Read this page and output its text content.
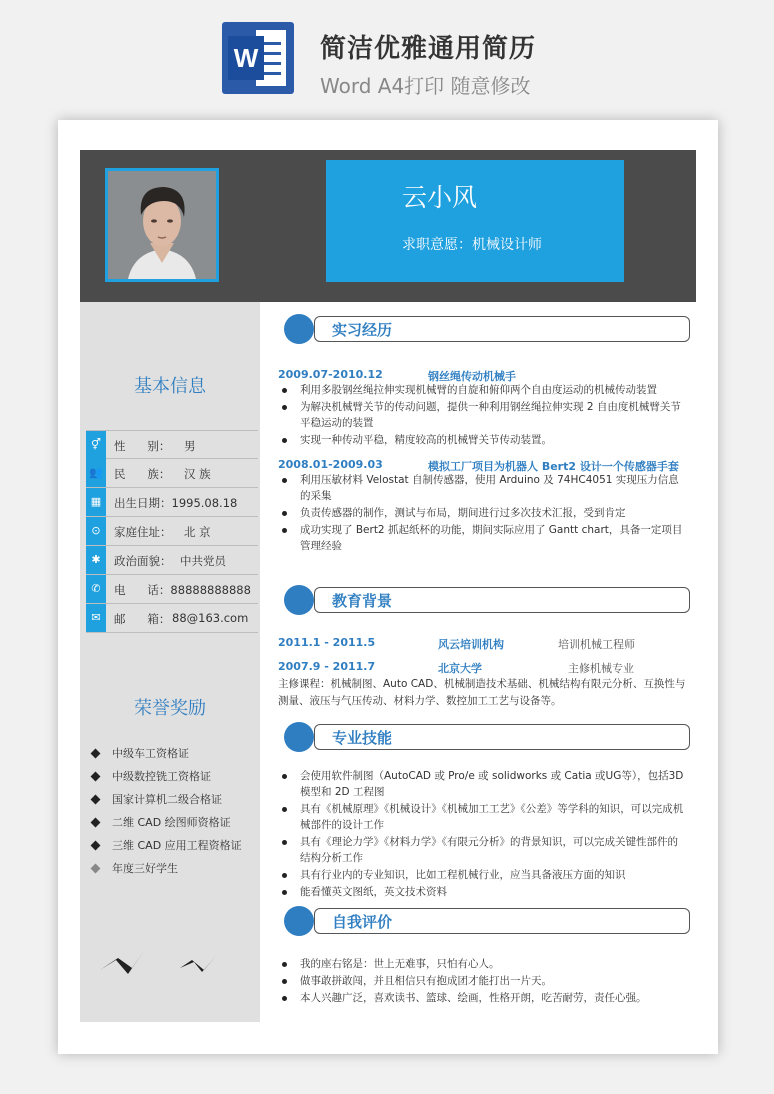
W 简洁优雅通用简历
Word A4打印 随意修改
云小风
求职意愿：机械设计师
基本信息
⚥	性      别： 男
👥 民      族： 汉 族
▦	出生日期：1995.08.18
⊙	家庭住址： 北 京
✱	政治面貌： 中共党员
✆	电      话：88888888888
✉	邮      箱： 88@163.com
荣誉奖励
中级车工资格证
中级数控铣工资格证
国家计算机二级合格证
二维 CAD 绘图师资格证
三维 CAD 应用工程资格证
年度三好学生
实习经历
2009.07-2010.12	钢丝绳传动机械手
利用多股钢丝绳拉伸实现机械臂的自旋和俯仰两个自由度运动的机械传动装置
为解决机械臂关节的传动问题，提供一种利用钢丝绳拉伸实现 2 自由度机械臂关节平稳运动的装置
实现一种传动平稳，精度较高的机械臂关节传动装置。
2008.01-2009.03	模拟工厂项目为机器人 Bert2 设计一个传感器手套
利用压敏材料 Velostat 自制传感器，使用 Arduino 及 74HC4051 实现压力信息的采集
负责传感器的制作，测试与布局，期间进行过多次技术汇报，受到肯定
成功实现了 Bert2 抓起纸杯的功能，期间实际应用了 Gantt chart，具备一定项目管理经验
教育背景
2011.1 - 2011.5	风云培训机构	培训机械工程师
2007.9 - 2011.7	北京大学	主修机械专业
主修课程：机械制图、Auto CAD、机械制造技术基础、机械结构有限元分析、互换性与测量、液压与气压传动、材料力学、数控加工工艺与设备等。
专业技能
会使用软件制图（AutoCAD 或 Pro/e 或 solidworks 或 Catia 或UG等），包括3D 模型和 2D 工程图
具有《机械原理》《机械设计》《机械加工工艺》《公差》等学科的知识，可以完成机械部件的设计工作
具有《理论力学》《材料力学》《有限元分析》的背景知识，可以完成关键性部件的结构分析工作
具有行业内的专业知识，比如工程机械行业，应当具备液压方面的知识
能看懂英文图纸，英文技术资料
自我评价
我的座右铭是：世上无难事，只怕有心人。
做事敢拼敢闯，并且相信只有抱成团才能打出一片天。
本人兴趣广泛，喜欢读书、篮球、绘画，性格开朗，吃苦耐劳，责任心强。
